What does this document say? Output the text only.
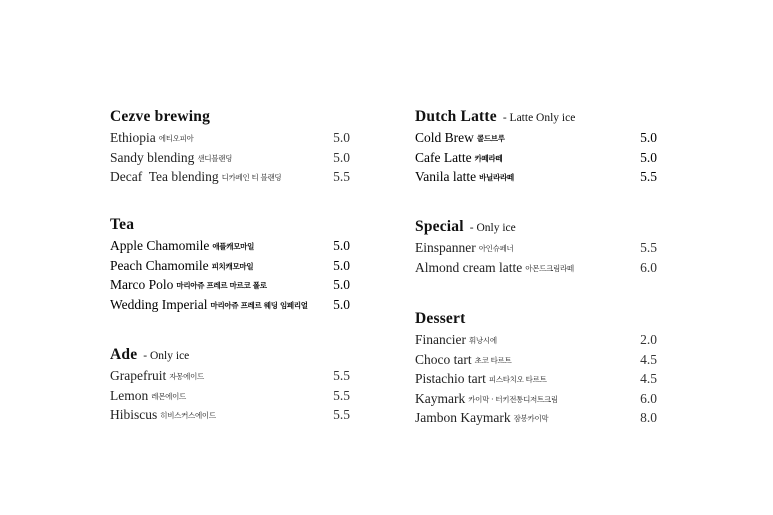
Cezve brewing
Ethiopia 에티오피아	5.0
Sandy blending 샌디블랜딩	5.0
Decaf  Tea blending 디카페인 티 블랜딩	5.5
Tea
Apple Chamomile 애플캐모마일	5.0
Peach Chamomile 피치캐모마일	5.0
Marco Polo 마리아쥬 프레르 마르코 폴로	5.0
Wedding Imperial 마리아쥬 프레르 웨딩 임페리얼 5.0
Ade - Only ice
Grapefruit 자몽에이드	5.5
Lemon 레몬에이드	5.5
Hibiscus 히비스커스에이드	5.5
Dutch Latte - Latte Only ice
Cold Brew 콜드브루	5.0
Cafe Latte 카페라떼	5.0
Vanila latte 바닐라라떼	5.5
Special - Only ice
Einspanner 아인슈페너	5.5
Almond cream latte 아몬드크림라떼	6.0
Dessert
Financier 휘낭시에	2.0
Choco tart 초코 타르트	4.5
Pistachio tart 피스타치오 타르트	4.5
Kaymark 카이막 · 터키전통디저트크림	6.0
Jambon Kaymark 잠봉카이막	8.0
